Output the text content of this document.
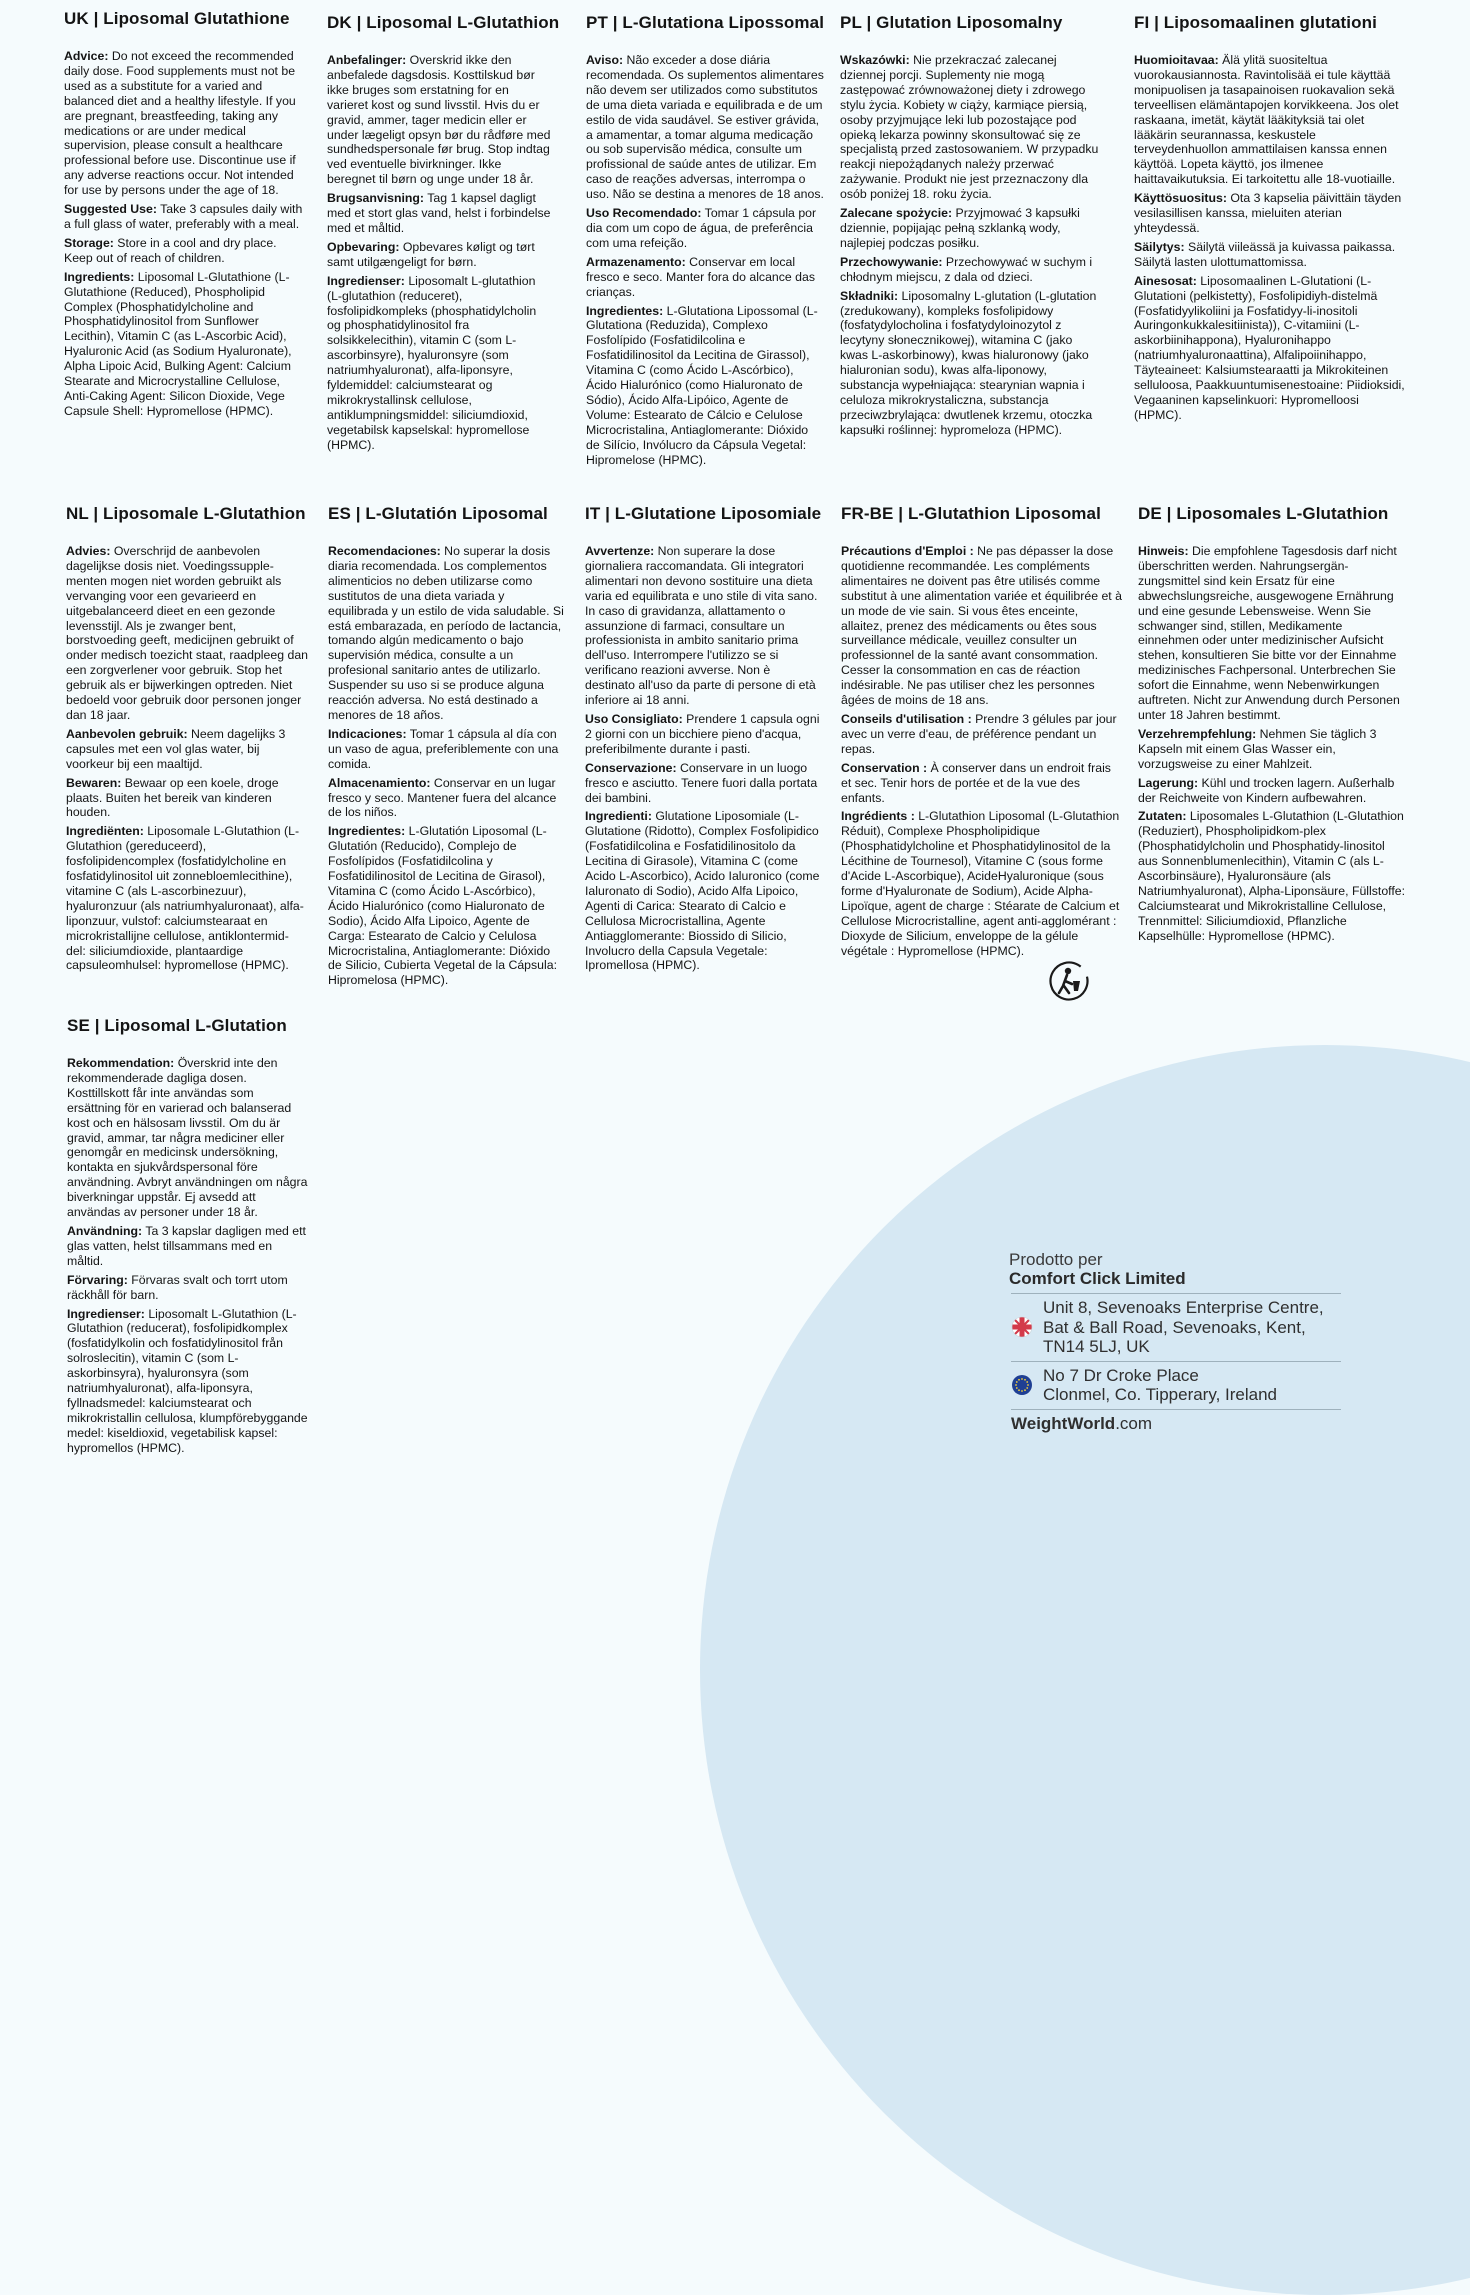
UK | Liposomal Glutathione

Advice: Do not exceed the recommended daily dose. Food supplements must not be used as a substitute for a varied and balanced diet and a healthy lifestyle. If you are pregnant, breastfeeding, taking any medications or are under medical supervision, please consult a healthcare professional before use. Discontinue use if any adverse reactions occur. Not intended for use by persons under the age of 18.

Suggested Use: Take 3 capsules daily with a full glass of water, preferably with a meal.

Storage: Store in a cool and dry place. Keep out of reach of children.

Ingredients: Liposomal L-Glutathione (L-Glutathione (Reduced), Phospholipid Complex (Phosphatidylcholine and Phosphatidylinositol from Sunflower Lecithin), Vitamin C (as L-Ascorbic Acid), Hyaluronic Acid (as Sodium Hyaluronate), Alpha Lipoic Acid, Bulking Agent: Calcium Stearate and Microcrystalline Cellulose, Anti-Caking Agent: Silicon Dioxide, Vege Capsule Shell: Hypromellose (HPMC).

DK | Liposomal L-Glutathion

Anbefalinger: Overskrid ikke den anbefalede dagsdosis. Kosttilskud bør ikke bruges som erstatning for en varieret kost og sund livsstil. Hvis du er gravid, ammer, tager medicin eller er under lægeligt opsyn bør du rådføre med sundhedspersonale før brug. Stop indtag ved eventuelle bivirkninger. Ikke beregnet til børn og unge under 18 år.

Brugsanvisning: Tag 1 kapsel dagligt med et stort glas vand, helst i forbindelse med et måltid.

Opbevaring: Opbevares køligt og tørt samt utilgængeligt for børn.

Ingredienser: Liposomalt L-glutathion (L-glutathion (reduceret), fosfolipidkompleks (phosphatidylcholin og phosphatidylinositol fra solsikkelecithin), vitamin C (som L-ascorbinsyre), hyaluronsyre (som natriumhyaluronat), alfa-liponsyre, fyldemiddel: calciumstearat og mikrokrystallinsk cellulose, antiklumpningsmiddel: siliciumdioxid, vegetabilsk kapselskal: hypromellose (HPMC).

PT | L-Glutationa Lipossomal

Aviso: Não exceder a dose diária recomendada. Os suplementos alimentares não devem ser utilizados como substitutos de uma dieta variada e equilibrada e de um estilo de vida saudável. Se estiver grávida, a amamentar, a tomar alguma medicação ou sob supervisão médica, consulte um profissional de saúde antes de utilizar. Em caso de reações adversas, interrompa o uso. Não se destina a menores de 18 anos.

Uso Recomendado: Tomar 1 cápsula por dia com um copo de água, de preferência com uma refeição.

Armazenamento: Conservar em local fresco e seco. Manter fora do alcance das crianças.

Ingredientes: L-Glutationa Lipossomal (L-Glutationa (Reduzida), Complexo Fosfolípido (Fosfatidilcolina e Fosfatidilinositol da Lecitina de Girassol), Vitamina C (como Ácido L-Ascórbico), Ácido Hialurónico (como Hialuronato de Sódio), Ácido Alfa-Lipóico, Agente de Volume: Estearato de Cálcio e Celulose Microcristalina, Antiaglomerante: Dióxido de Silício, Invólucro da Cápsula Vegetal: Hipromelose (HPMC).

PL | Glutation Liposomalny

Wskazówki: Nie przekraczać zalecanej dziennej porcji. Suplementy nie mogą zastępować zrównoważonej diety i zdrowego stylu życia. Kobiety w ciąży, karmiące piersią, osoby przyjmujące leki lub pozostające pod opieką lekarza powinny skonsultować się ze specjalistą przed zastosowaniem. W przypadku reakcji niepożądanych należy przerwać zażywanie. Produkt nie jest przeznaczony dla osób poniżej 18. roku życia.

Zalecane spożycie: Przyjmować 3 kapsułki dziennie, popijając pełną szklanką wody, najlepiej podczas posiłku.

Przechowywanie: Przechowywać w suchym i chłodnym miejscu, z dala od dzieci.

Składniki: Liposomalny L-glutation (L-glutation (zredukowany), kompleks fosfolipidowy (fosfatydylocholina i fosfatydyloinozytol z lecytyny słonecznikowej), witamina C (jako kwas L-askorbinowy), kwas hialuronowy (jako hialuronian sodu), kwas alfa-liponowy, substancja wypełniająca: stearynian wapnia i celuloza mikrokrystaliczna, substancja przeciwzbrylająca: dwutlenek krzemu, otoczka kapsułki roślinnej: hypromeloza (HPMC).

FI | Liposomaalinen glutationi

Huomioitavaa: Älä ylitä suositeltua vuorokausiannosta. Ravintolisää ei tule käyttää monipuolisen ja tasapainoisen ruokavalion sekä terveellisen elämäntapojen korvikkeena. Jos olet raskaana, imetät, käytät lääkityksiä tai olet lääkärin seurannassa, keskustele terveydenhuollon ammattilaisen kanssa ennen käyttöä. Lopeta käyttö, jos ilmenee haittavaikutuksia. Ei tarkoitettu alle 18-vuotiaille.

Käyttösuositus: Ota 3 kapselia päivittäin täyden vesilasillisen kanssa, mieluiten aterian yhteydessä.

Säilytys: Säilytä viileässä ja kuivassa paikassa. Säilytä lasten ulottumattomissa.

Ainesosat: Liposomaalinen L-Glutationi (L-Glutationi (pelkistetty), Fosfolipidiyh-distelmä (Fosfatidyylikoliini ja Fosfatidyy-li-inositoli Auringonkukkalesitiinista)), C-vitamiini (L-askorbiinihappona), Hyaluronihappo (natriumhyaluronaattina), Alfalipoiinihappo, Täyteaineet: Kalsiumstearaatti ja Mikrokiteinen selluloosa, Paakkuuntumisenestoaine: Piidioksidi, Vegaaninen kapselinkuori: Hypromelloosi (HPMC).

NL | Liposomale L-Glutathion

Advies: Overschrijd de aanbevolen dagelijkse dosis niet. Voedingssupple-menten mogen niet worden gebruikt als vervanging voor een gevarieerd en uitgebalanceerd dieet en een gezonde levensstijl. Als je zwanger bent, borstvoeding geeft, medicijnen gebruikt of onder medisch toezicht staat, raadpleeg dan een zorgverlener voor gebruik. Stop het gebruik als er bijwerkingen optreden. Niet bedoeld voor gebruik door personen jonger dan 18 jaar.

Aanbevolen gebruik: Neem dagelijks 3 capsules met een vol glas water, bij voorkeur bij een maaltijd.

Bewaren: Bewaar op een koele, droge plaats. Buiten het bereik van kinderen houden.

Ingrediënten: Liposomale L-Glutathion (L-Glutathion (gereduceerd), fosfolipidencomplex (fosfatidylcholine en fosfatidylinositol uit zonnebloemlecithine), vitamine C (als L-ascorbinezuur), hyaluronzuur (als natriumhyaluronaat), alfa-liponzuur, vulstof: calciumstearaat en microkristallijne cellulose, antiklontermid-del: siliciumdioxide, plantaardige capsuleomhulsel: hypromellose (HPMC).

ES | L-Glutatión Liposomal

Recomendaciones: No superar la dosis diaria recomendada. Los complementos alimenticios no deben utilizarse como sustitutos de una dieta variada y equilibrada y un estilo de vida saludable. Si está embarazada, en período de lactancia, tomando algún medicamento o bajo supervisión médica, consulte a un profesional sanitario antes de utilizarlo. Suspender su uso si se produce alguna reacción adversa. No está destinado a menores de 18 años.

Indicaciones: Tomar 1 cápsula al día con un vaso de agua, preferiblemente con una comida.

Almacenamiento: Conservar en un lugar fresco y seco. Mantener fuera del alcance de los niños.

Ingredientes: L-Glutatión Liposomal (L-Glutatión (Reducido), Complejo de Fosfolípidos (Fosfatidilcolina y Fosfatidilinositol de Lecitina de Girasol), Vitamina C (como Ácido L-Ascórbico), Ácido Hialurónico (como Hialuronato de Sodio), Ácido Alfa Lipoico, Agente de Carga: Estearato de Calcio y Celulosa Microcristalina, Antiaglomerante: Dióxido de Silicio, Cubierta Vegetal de la Cápsula: Hipromelosa (HPMC).

IT | L-Glutatione Liposomiale

Avvertenze: Non superare la dose giornaliera raccomandata. Gli integratori alimentari non devono sostituire una dieta varia ed equilibrata e uno stile di vita sano. In caso di gravidanza, allattamento o assunzione di farmaci, consultare un professionista in ambito sanitario prima dell'uso. Interrompere l'utilizzo se si verificano reazioni avverse. Non è destinato all'uso da parte di persone di età inferiore ai 18 anni.

Uso Consigliato: Prendere 1 capsula ogni 2 giorni con un bicchiere pieno d'acqua, preferibilmente durante i pasti.

Conservazione: Conservare in un luogo fresco e asciutto. Tenere fuori dalla portata dei bambini.

Ingredienti: Glutatione Liposomiale (L-Glutatione (Ridotto), Complex Fosfolipidico (Fosfatidilcolina e Fosfatidilinositolo da Lecitina di Girasole), Vitamina C (come Acido L-Ascorbico), Acido Ialuronico (come Ialuronato di Sodio), Acido Alfa Lipoico, Agenti di Carica: Stearato di Calcio e Cellulosa Microcristallina, Agente Antiagglomerante: Biossido di Silicio, Involucro della Capsula Vegetale: Ipromellosa (HPMC).

FR-BE | L-Glutathion Liposomal

Précautions d'Emploi : Ne pas dépasser la dose quotidienne recommandée. Les compléments alimentaires ne doivent pas être utilisés comme substitut à une alimentation variée et équilibrée et à un mode de vie sain. Si vous êtes enceinte, allaitez, prenez des médicaments ou êtes sous surveillance médicale, veuillez consulter un professionnel de la santé avant consommation. Cesser la consommation en cas de réaction indésirable. Ne pas utiliser chez les personnes âgées de moins de 18 ans.

Conseils d'utilisation : Prendre 3 gélules par jour avec un verre d'eau, de préférence pendant un repas.

Conservation : À conserver dans un endroit frais et sec. Tenir hors de portée et de la vue des enfants.

Ingrédients : L-Glutathion Liposomal (L-Glutathion Réduit), Complexe Phospholipidique (Phosphatidylcholine et Phosphatidylinositol de la Lécithine de Tournesol), Vitamine C (sous forme d'Acide L-Ascorbique), AcideHyaluronique (sous forme d'Hyaluronate de Sodium), Acide Alpha-Lipoïque, agent de charge : Stéarate de Calcium et Cellulose Microcristalline, agent anti-agglomérant : Dioxyde de Silicium, enveloppe de la gélule végétale : Hypromellose (HPMC).

DE | Liposomales L-Glutathion

Hinweis: Die empfohlene Tagesdosis darf nicht überschritten werden. Nahrungsergän-zungsmittel sind kein Ersatz für eine abwechslungsreiche, ausgewogene Ernährung und eine gesunde Lebensweise. Wenn Sie schwanger sind, stillen, Medikamente einnehmen oder unter medizinischer Aufsicht stehen, konsultieren Sie bitte vor der Einnahme medizinisches Fachpersonal. Unterbrechen Sie sofort die Einnahme, wenn Nebenwirkungen auftreten. Nicht zur Anwendung durch Personen unter 18 Jahren bestimmt.

Verzehrempfehlung: Nehmen Sie täglich 3 Kapseln mit einem Glas Wasser ein, vorzugsweise zu einer Mahlzeit.

Lagerung: Kühl und trocken lagern. Außerhalb der Reichweite von Kindern aufbewahren.

Zutaten: Liposomales L-Glutathion (L-Glutathion (Reduziert), Phospholipidkom-plex (Phosphatidylcholin und Phosphatidy-linositol aus Sonnenblumenlecithin), Vitamin C (als L-Ascorbinsäure), Hyaluronsäure (als Natriumhyaluronat), Alpha-Liponsäure, Füllstoffe: Calciumstearat und Mikrokristalline Cellulose, Trennmittel: Siliciumdioxid, Pflanzliche Kapselhülle: Hypromellose (HPMC).

SE | Liposomal L-Glutation

Rekommendation: Överskrid inte den rekommenderade dagliga dosen. Kosttillskott får inte användas som ersättning för en varierad och balanserad kost och en hälsosam livsstil. Om du är gravid, ammar, tar några mediciner eller genomgår en medicinsk undersökning, kontakta en sjukvårdspersonal före användning. Avbryt användningen om några biverkningar uppstår. Ej avsedd att användas av personer under 18 år.

Användning: Ta 3 kapslar dagligen med ett glas vatten, helst tillsammans med en måltid.

Förvaring: Förvaras svalt och torrt utom räckhåll för barn.

Ingredienser: Liposomalt L-Glutathion (L-Glutathion (reducerat), fosfolipidkomplex (fosfatidylkolin och fosfatidylinositol från solroslecitin), vitamin C (som L-askorbinsyra), hyaluronsyra (som natriumhyaluronat), alfa-liponsyra, fyllnadsmedel: kalciumstearat och mikrokristallin cellulosa, klumpförebyggande medel: kiseldioxid, vegetabilisk kapsel: hypromellos (HPMC).

Prodotto per
Comfort Click Limited
Unit 8, Sevenoaks Enterprise Centre,
Bat & Ball Road, Sevenoaks, Kent,
TN14 5LJ, UK
No 7 Dr Croke Place
Clonmel, Co. Tipperary, Ireland
WeightWorld.com
